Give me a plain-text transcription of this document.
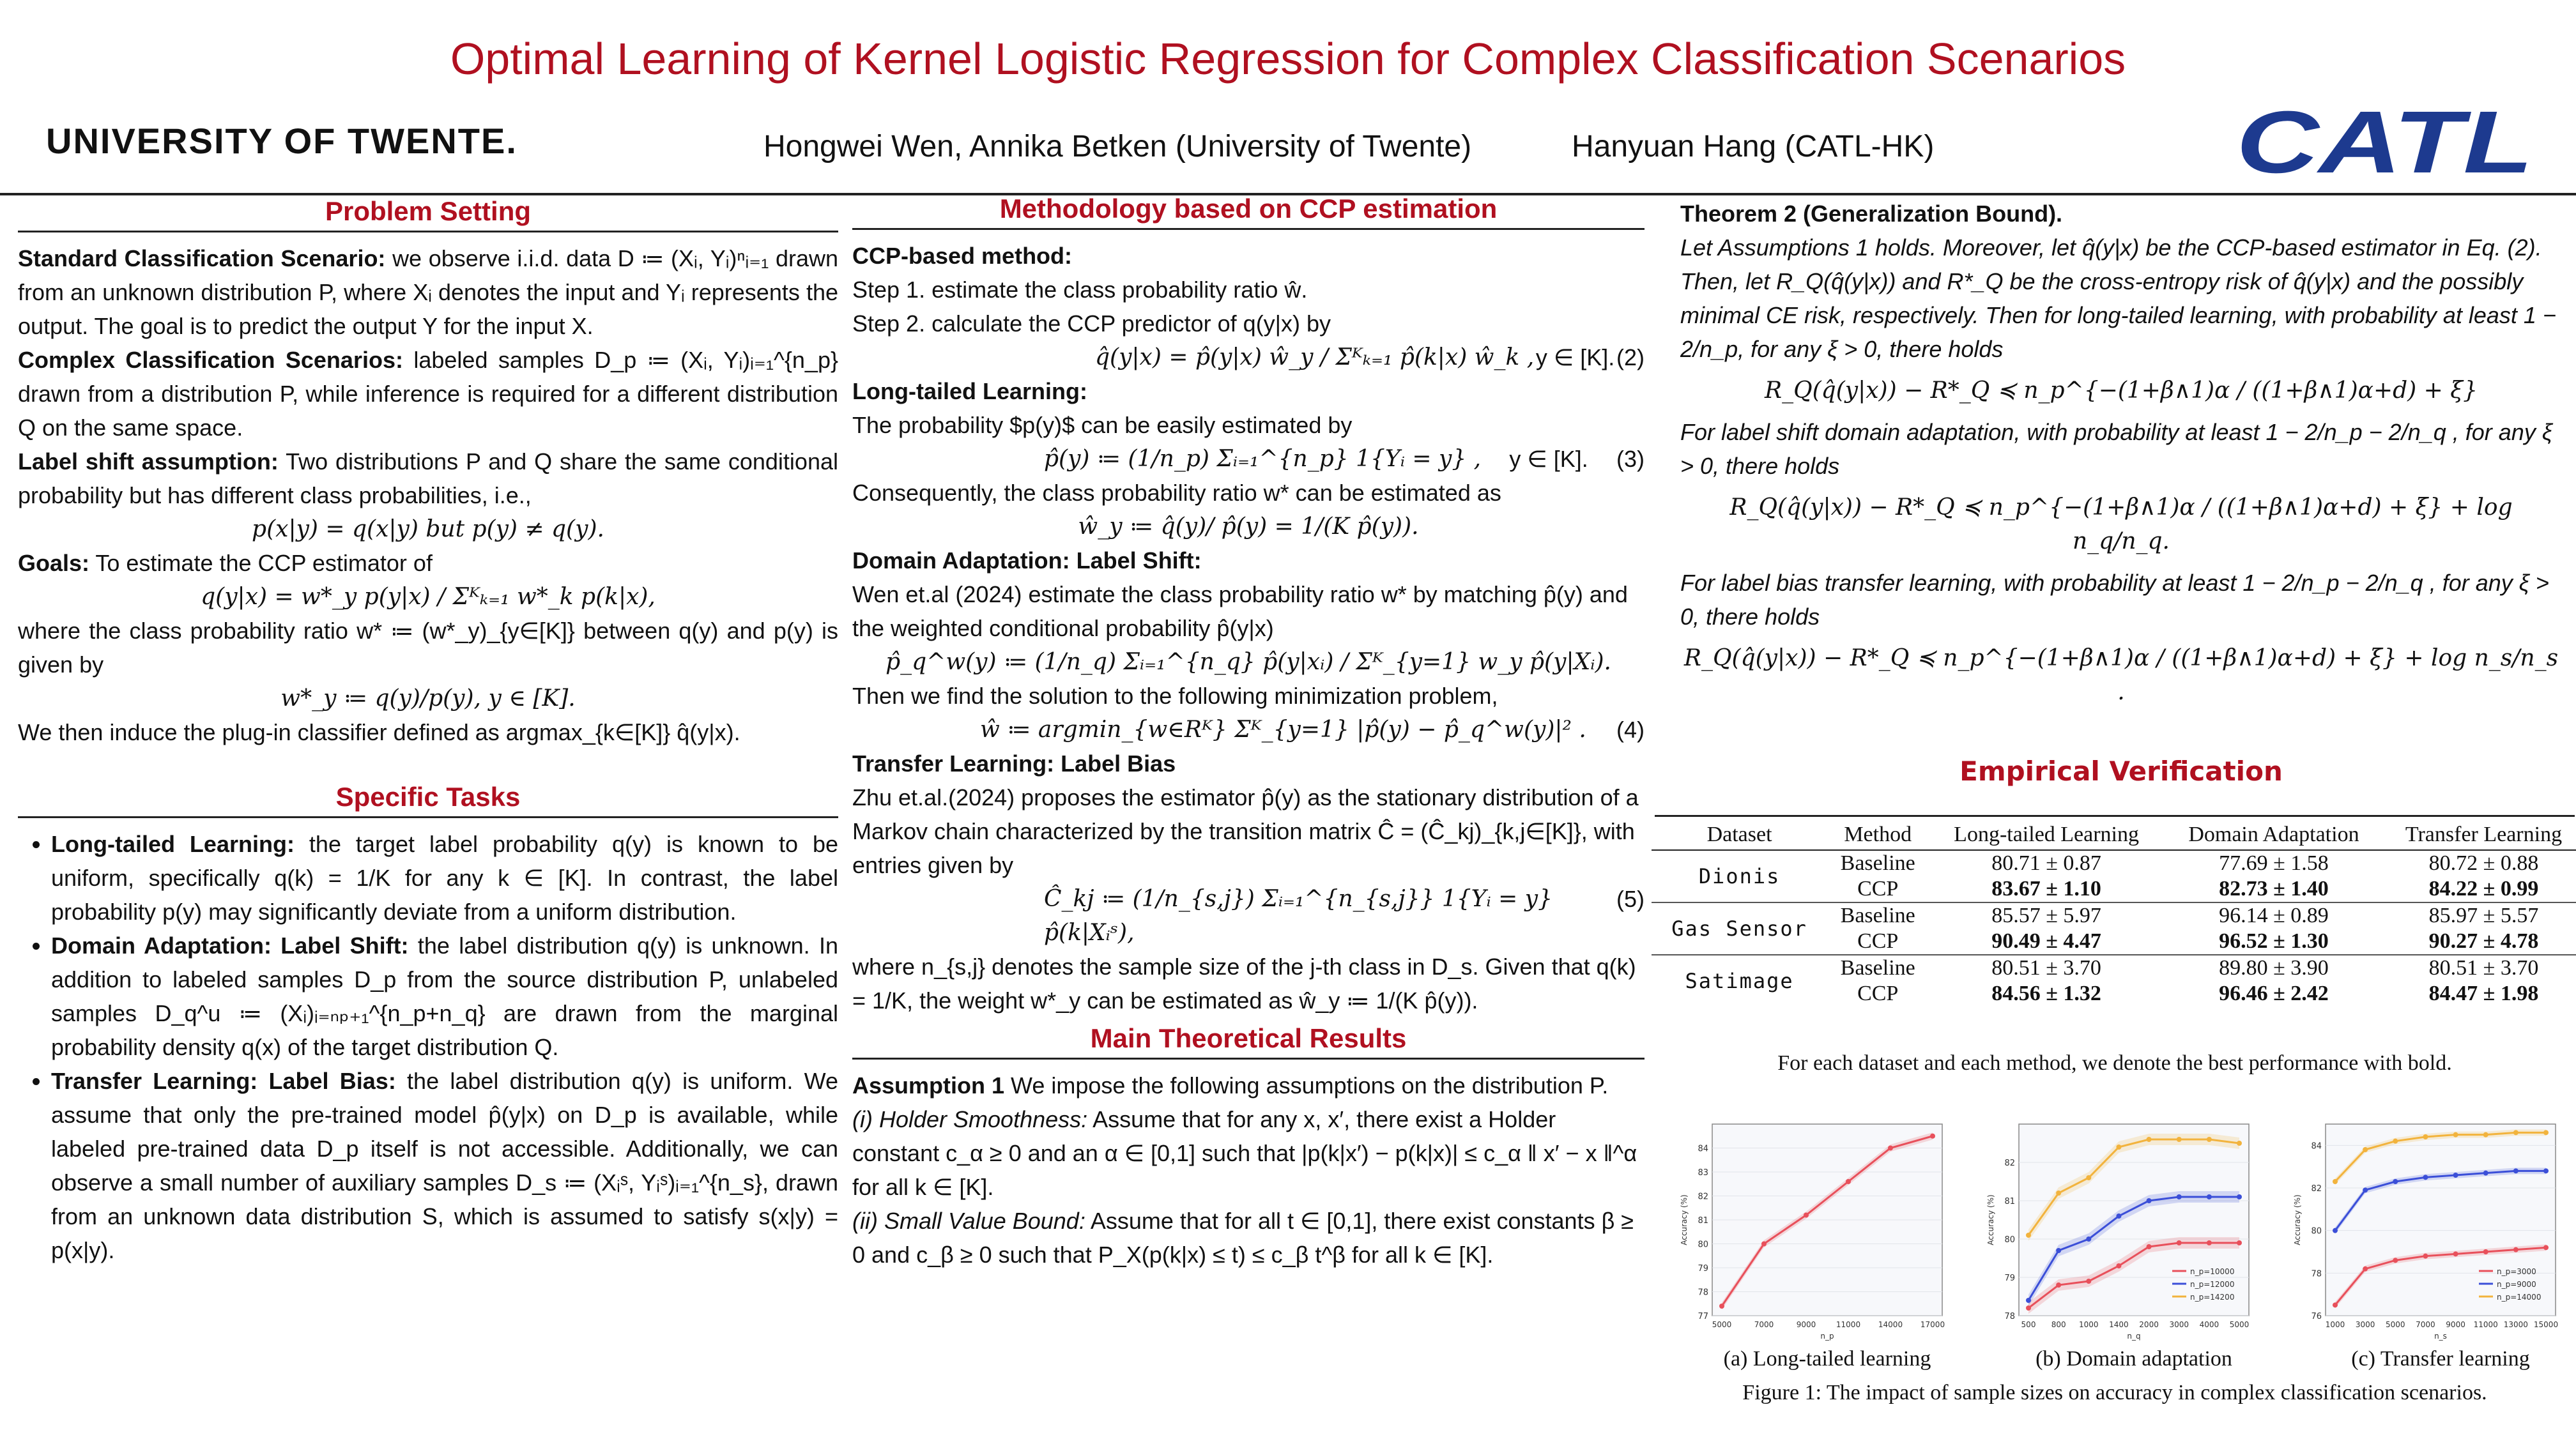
Optimal Learning of Kernel Logistic Regression for Complex Classification Scenarios
UNIVERSITY OF TWENTE.	Hongwei Wen, Annika Betken (University of Twente)	Hanyuan Hang (CATL-HK)	CATL
Problem Setting
Standard Classification Scenario: we observe i.i.d. data D ≔ (Xᵢ, Yᵢ)ⁿᵢ₌₁ drawn from an unknown distribution P, where Xᵢ denotes the input and Yᵢ represents the output. The goal is to predict the output Y for the input X.
Complex Classification Scenarios: labeled samples D_p ≔ (Xᵢ, Yᵢ)ᵢ₌₁^{n_p} drawn from a distribution P, while inference is required for a different distribution Q on the same space.
Label shift assumption: Two distributions P and Q share the same conditional probability but has different class probabilities, i.e.,
p(x|y) = q(x|y) but p(y) ≠ q(y).
Goals: To estimate the CCP estimator of
q(y|x) = w*_y p(y|x) / Σᴷₖ₌₁ w*_k p(k|x),
where the class probability ratio w* ≔ (w*_y)_{y∈[K]} between q(y) and p(y) is given by
w*_y ≔ q(y)/p(y), y ∈ [K].
We then induce the plug-in classifier defined as argmax_{k∈[K]} q̂(y|x).
Specific Tasks
• Long-tailed Learning: the target label probability q(y) is known to be uniform, specifically q(k) = 1/K for any k ∈ [K]. In contrast, the label probability p(y) may significantly deviate from a uniform distribution.
• Domain Adaptation: Label Shift: the label distribution q(y) is unknown. In addition to labeled samples D_p from the source distribution P, unlabeled samples D_q^u ≔ (Xᵢ)ᵢ₌ₙₚ₊₁^{n_p+n_q} are drawn from the marginal probability density q(x) of the target distribution Q.
• Transfer Learning: Label Bias: the label distribution q(y) is uniform. We assume that only the pre-trained model p̂(y|x) on D_p is available, while labeled pre-trained data D_p itself is not accessible. Additionally, we can observe a small number of auxiliary samples D_s ≔ (Xᵢˢ, Yᵢˢ)ᵢ₌₁^{n_s}, drawn from an unknown data distribution S, which is assumed to satisfy s(x|y) = p(x|y).
Methodology based on CCP estimation
CCP-based method:
Step 1. estimate the class probability ratio ŵ.
Step 2. calculate the CCP predictor of q(y|x) by
q̂(y|x) = p̂(y|x) ŵ_y / Σᴷₖ₌₁ p̂(k|x) ŵ_k , y ∈ [K]. (2)
Long-tailed Learning:
The probability $p(y)$ can be easily estimated by
p̂(y) ≔ (1/n_p) Σᵢ₌₁^{n_p} 1{Yᵢ = y} , y ∈ [K]. (3)
Consequently, the class probability ratio w* can be estimated as
ŵ_y ≔ q̂(y)/ p̂(y) = 1/(K p̂(y)).
Domain Adaptation: Label Shift:
Wen et.al (2024) estimate the class probability ratio w* by matching p̂(y) and the weighted conditional probability p̂(y|x)
p̂_q^w(y) ≔ (1/n_q) Σᵢ₌₁^{n_q} p̂(y|xᵢ) / Σᴷ_{y=1} w_y p̂(y|Xᵢ).
Then we find the solution to the following minimization problem,
ŵ ≔ argmin_{w∈Rᴷ} Σᴷ_{y=1} |p̂(y) − p̂_q^w(y)|² . (4)
Transfer Learning: Label Bias
Zhu et.al.(2024) proposes the estimator p̂(y) as the stationary distribution of a Markov chain characterized by the transition matrix Ĉ = (Ĉ_kj)_{k,j∈[K]}, with entries given by
Ĉ_kj ≔ (1/n_{s,j}) Σᵢ₌₁^{n_{s,j}} 1{Yᵢ = y} p̂(k|Xᵢˢ),
(5)
where n_{s,j} denotes the sample size of the j-th class in D_s. Given that q(k) = 1/K, the weight w*_y can be estimated as ŵ_y ≔ 1/(K p̂(y)).
Main Theoretical Results
Assumption 1 We impose the following assumptions on the distribution P.
(i) Holder Smoothness: Assume that for any x, x′, there exist a Holder constant c_α ≥ 0 and an α ∈ [0,1] such that |p(k|x′) − p(k|x)| ≤ c_α ‖ x′ − x ‖^α for all k ∈ [K].
(ii) Small Value Bound: Assume that for all t ∈ [0,1], there exist constants β ≥ 0 and c_β ≥ 0 such that P_X(p(k|x) ≤ t) ≤ c_β t^β for all k ∈ [K].
Theorem 2 (Generalization Bound).
Let Assumptions 1 holds. Moreover, let q̂(y|x) be the CCP-based estimator in Eq. (2). Then, let R_Q(q̂(y|x)) and R*_Q be the cross-entropy risk of q̂(y|x) and the possibly minimal CE risk, respectively. Then for long-tailed learning, with probability at least 1 − 2/n_p, for any ξ > 0, there holds
R_Q(q̂(y|x)) − R*_Q ≼ n_p^{−(1+β∧1)α / ((1+β∧1)α+d) + ξ}
For label shift domain adaptation, with probability at least 1 − 2/n_p − 2/n_q , for any ξ > 0, there holds
R_Q(q̂(y|x)) − R*_Q ≼ n_p^{−(1+β∧1)α / ((1+β∧1)α+d) + ξ} + log n_q/n_q.
For label bias transfer learning, with probability at least 1 − 2/n_p − 2/n_q , for any ξ > 0, there holds
R_Q(q̂(y|x)) − R*_Q ≼ n_p^{−(1+β∧1)α / ((1+β∧1)α+d) + ξ} + log n_s/n_s .
Empirical Verification
Dataset	Method	Long-tailed Learning	Domain Adaptation	Transfer Learning
Dionis	Baseline	80.71 ± 0.87	77.69 ± 1.58	80.72 ± 0.88
	CCP	83.67 ± 1.10	82.73 ± 1.40	84.22 ± 0.99
Gas Sensor	Baseline	85.57 ± 5.97	96.14 ± 0.89	85.97 ± 5.57
	CCP	90.49 ± 4.47	96.52 ± 1.30	90.27 ± 4.78
Satimage	Baseline	80.51 ± 3.70	89.80 ± 3.90	80.51 ± 3.70
	CCP	84.56 ± 1.32	96.46 ± 2.42	84.47 ± 1.98
For each dataset and each method, we denote the best performance with bold.
77
78
79
80
81
82
83
84
5000	7000	9000	11000 14000 17000
n_p
Accuracy (%)
(a) Long-tailed learning
78
79
80
81
82
500 800 1000 1400 2000 3000 4000 5000
n_q
Accuracy (%)
n_p=10000
n_p=12000
n_p=14200
(b) Domain adaptation
76
78
80
82
84
1000 3000 5000 7000 9000 11000 13000 15000
n_s
Accuracy (%)
n_p=3000
n_p=9000
n_p=14000
(c) Transfer learning
Figure 1: The impact of sample sizes on accuracy in complex classification scenarios.
